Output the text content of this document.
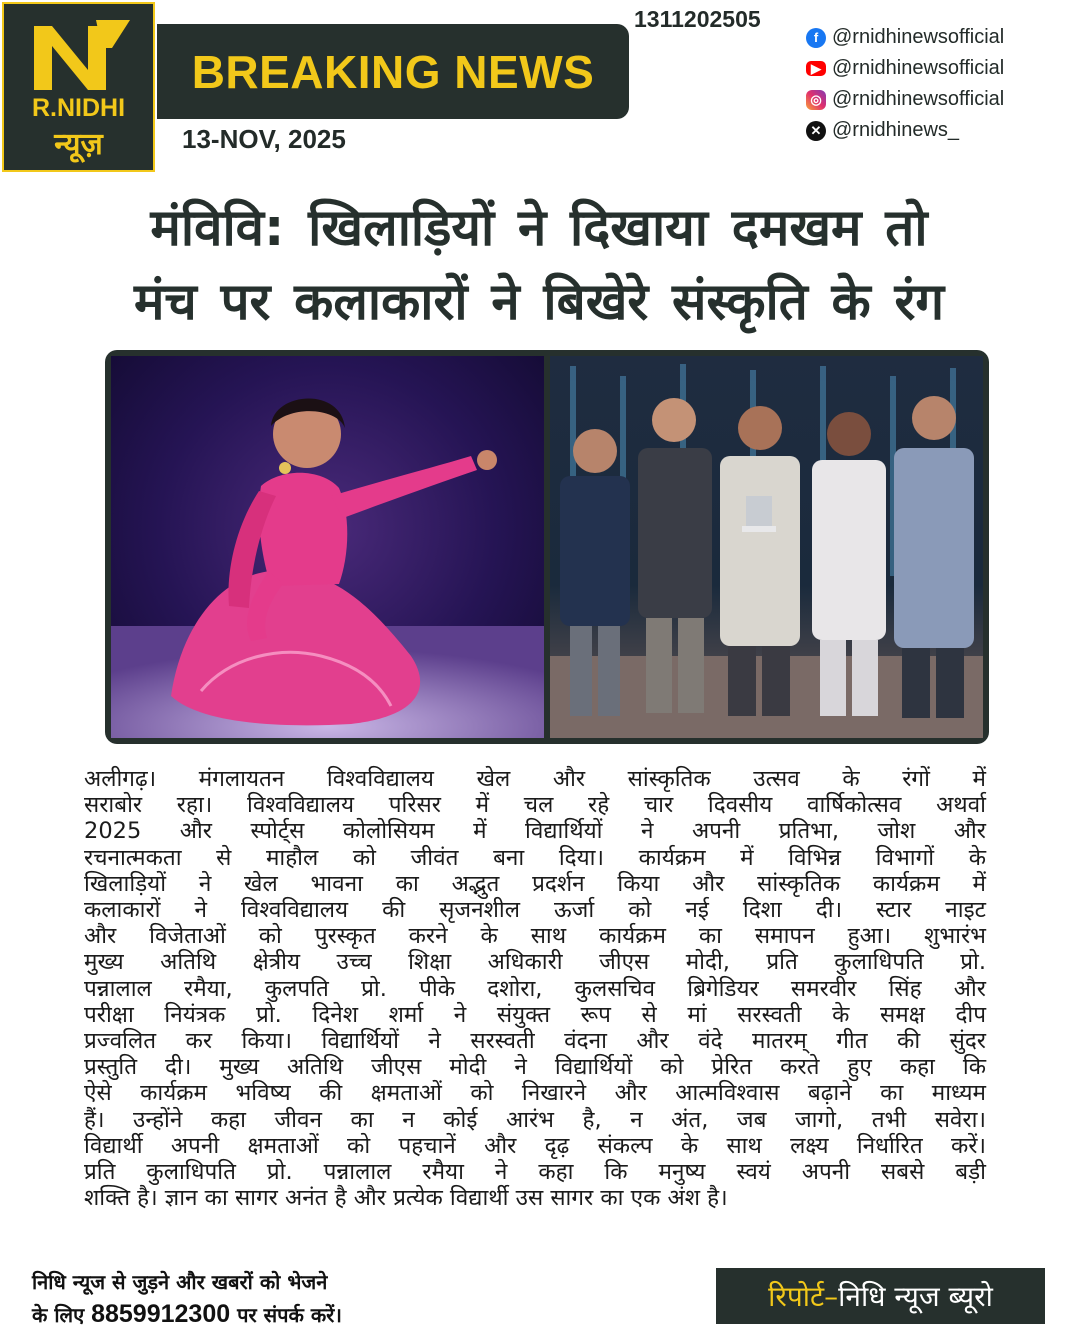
R.NIDHI
न्यूज़
BREAKING NEWS
13-NOV, 2025
1311202505
f @rnidhinewsofficial
▶ @rnidhinewsofficial
◎ @rnidhinewsofficial
✕ @rnidhinews_
मंविवि: खिलाड़ियों ने दिखाया दमखम तो
मंच पर कलाकारों ने बिखेरे संस्कृति के रंग
अलीगढ़। मंगलायतन विश्वविद्यालय खेल और सांस्कृतिक उत्सव के रंगों में
सराबोर रहा। विश्वविद्यालय परिसर में चल रहे चार दिवसीय वार्षिकोत्सव अथर्वा
2025 और स्पोर्ट्स कोलोसियम में विद्यार्थियों ने अपनी प्रतिभा, जोश और
रचनात्मकता से माहौल को जीवंत बना दिया। कार्यक्रम में विभिन्न विभागों के
खिलाड़ियों ने खेल भावना का अद्भुत प्रदर्शन किया और सांस्कृतिक कार्यक्रम में
कलाकारों ने विश्वविद्यालय की सृजनशील ऊर्जा को नई दिशा दी। स्टार नाइट
और विजेताओं को पुरस्कृत करने के साथ कार्यक्रम का समापन हुआ। शुभारंभ
मुख्य अतिथि क्षेत्रीय उच्च शिक्षा अधिकारी जीएस मोदी, प्रति कुलाधिपति प्रो.
पन्नालाल रमैया, कुलपति प्रो. पीके दशोरा, कुलसचिव ब्रिगेडियर समरवीर सिंह और
परीक्षा नियंत्रक प्रो. दिनेश शर्मा ने संयुक्त रूप से मां सरस्वती के समक्ष दीप
प्रज्वलित कर किया। विद्यार्थियों ने सरस्वती वंदना और वंदे मातरम् गीत की सुंदर
प्रस्तुति दी। मुख्य अतिथि जीएस मोदी ने विद्यार्थियों को प्रेरित करते हुए कहा कि
ऐसे कार्यक्रम भविष्य की क्षमताओं को निखारने और आत्मविश्वास बढ़ाने का माध्यम
हैं। उन्होंने कहा जीवन का न कोई आरंभ है, न अंत, जब जागो, तभी सवेरा।
विद्यार्थी अपनी क्षमताओं को पहचानें और दृढ़ संकल्प के साथ लक्ष्य निर्धारित करें।
प्रति कुलाधिपति प्रो. पन्नालाल रमैया ने कहा कि मनुष्य स्वयं अपनी सबसे बड़ी
शक्ति है। ज्ञान का सागर अनंत है और प्रत्येक विद्यार्थी उस सागर का एक अंश है।
निधि न्यूज से जुड़ने और खबरों को भेजने
के लिए 8859912300 पर संपर्क करें।
रिपोर्ट– निधि न्यूज ब्यूरो
